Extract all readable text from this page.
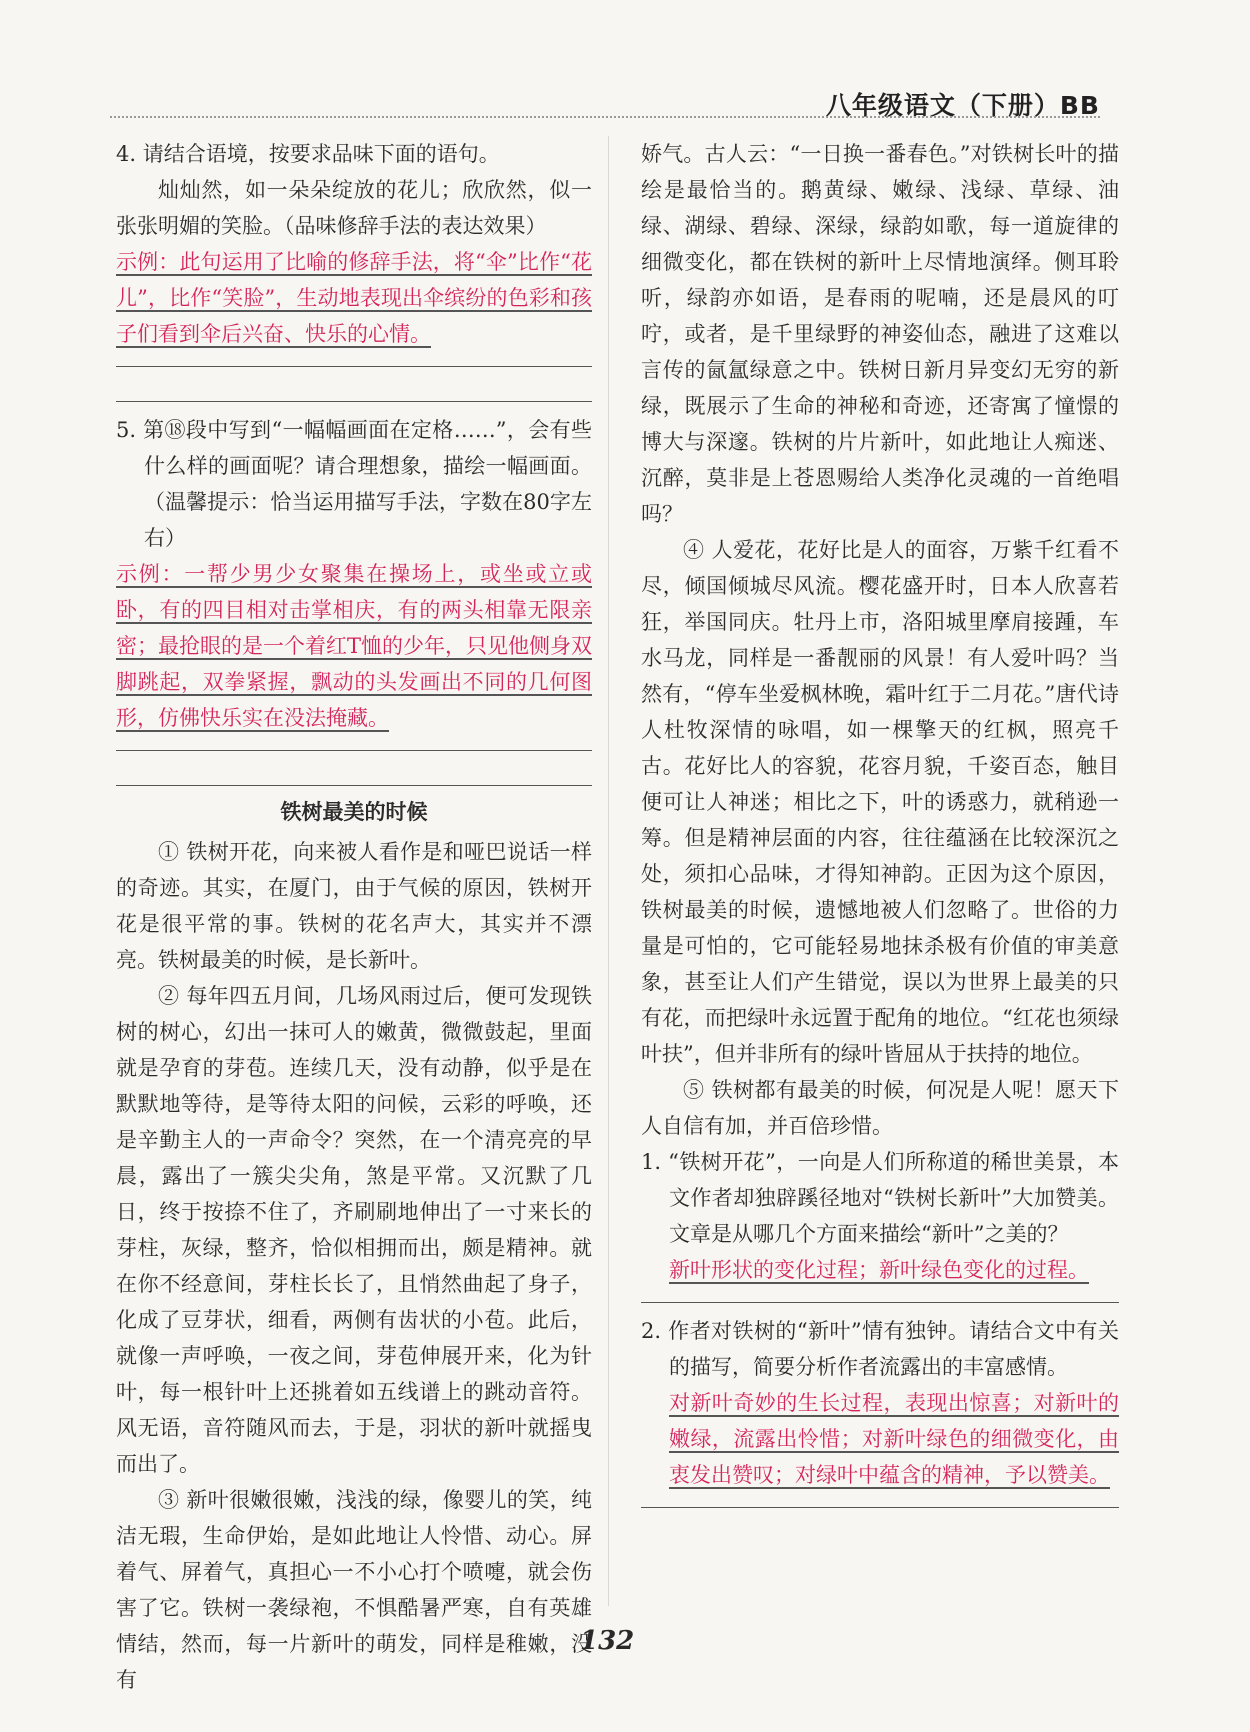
八年级语文（下册）BB

4. 请结合语境，按要求品味下面的语句。

灿灿然，如一朵朵绽放的花儿；欣欣然，似一张张明媚的笑脸。（品味修辞手法的表达效果）

示例：此句运用了比喻的修辞手法，将“伞”比作“花儿”，比作“笑脸”，生动地表现出伞缤纷的色彩和孩子们看到伞后兴奋、快乐的心情。

5. 第⑱段中写到“一幅幅画面在定格……”，会有些什么样的画面呢？请合理想象，描绘一幅画面。（温馨提示：恰当运用描写手法，字数在80字左右）

示例：一帮少男少女聚集在操场上，或坐或立或卧，有的四目相对击掌相庆，有的两头相靠无限亲密；最抢眼的是一个着红T恤的少年，只见他侧身双脚跳起，双拳紧握，飘动的头发画出不同的几何图形，仿佛快乐实在没法掩藏。

铁树最美的时候

① 铁树开花，向来被人看作是和哑巴说话一样的奇迹。其实，在厦门，由于气候的原因，铁树开花是很平常的事。铁树的花名声大，其实并不漂亮。铁树最美的时候，是长新叶。

② 每年四五月间，几场风雨过后，便可发现铁树的树心，幻出一抹可人的嫩黄，微微鼓起，里面就是孕育的芽苞。连续几天，没有动静，似乎是在默默地等待，是等待太阳的问候，云彩的呼唤，还是辛勤主人的一声命令？突然，在一个清亮亮的早晨，露出了一簇尖尖角，煞是平常。又沉默了几日，终于按捺不住了，齐刷刷地伸出了一寸来长的芽柱，灰绿，整齐，恰似相拥而出，颇是精神。就在你不经意间，芽柱长长了，且悄然曲起了身子，化成了豆芽状，细看，两侧有齿状的小苞。此后，就像一声呼唤，一夜之间，芽苞伸展开来，化为针叶，每一根针叶上还挑着如五线谱上的跳动音符。风无语，音符随风而去，于是，羽状的新叶就摇曳而出了。

③ 新叶很嫩很嫩，浅浅的绿，像婴儿的笑，纯洁无瑕，生命伊始，是如此地让人怜惜、动心。屏着气、屏着气，真担心一不小心打个喷嚏，就会伤害了它。铁树一袭绿袍，不惧酷暑严寒，自有英雄情结，然而，每一片新叶的萌发，同样是稚嫩，没有

娇气。古人云：“一日换一番春色。”对铁树长叶的描绘是最恰当的。鹅黄绿、嫩绿、浅绿、草绿、油绿、湖绿、碧绿、深绿，绿韵如歌，每一道旋律的细微变化，都在铁树的新叶上尽情地演绎。侧耳聆听，绿韵亦如语，是春雨的呢喃，还是晨风的叮咛，或者，是千里绿野的神姿仙态，融进了这难以言传的氤氲绿意之中。铁树日新月异变幻无穷的新绿，既展示了生命的神秘和奇迹，还寄寓了憧憬的博大与深邃。铁树的片片新叶，如此地让人痴迷、沉醉，莫非是上苍恩赐给人类净化灵魂的一首绝唱吗？

④ 人爱花，花好比是人的面容，万紫千红看不尽，倾国倾城尽风流。樱花盛开时，日本人欣喜若狂，举国同庆。牡丹上市，洛阳城里摩肩接踵，车水马龙，同样是一番靓丽的风景！有人爱叶吗？当然有，“停车坐爱枫林晚，霜叶红于二月花。”唐代诗人杜牧深情的咏唱，如一棵擎天的红枫，照亮千古。花好比人的容貌，花容月貌，千姿百态，触目便可让人神迷；相比之下，叶的诱惑力，就稍逊一筹。但是精神层面的内容，往往蕴涵在比较深沉之处，须扣心品味，才得知神韵。正因为这个原因，铁树最美的时候，遗憾地被人们忽略了。世俗的力量是可怕的，它可能轻易地抹杀极有价值的审美意象，甚至让人们产生错觉，误以为世界上最美的只有花，而把绿叶永远置于配角的地位。“红花也须绿叶扶”，但并非所有的绿叶皆屈从于扶持的地位。

⑤ 铁树都有最美的时候，何况是人呢！愿天下人自信有加，并百倍珍惜。

1. “铁树开花”，一向是人们所称道的稀世美景，本文作者却独辟蹊径地对“铁树长新叶”大加赞美。文章是从哪几个方面来描绘“新叶”之美的？

新叶形状的变化过程；新叶绿色变化的过程。

2. 作者对铁树的“新叶”情有独钟。请结合文中有关的描写，简要分析作者流露出的丰富感情。

对新叶奇妙的生长过程，表现出惊喜；对新叶的嫩绿，流露出怜惜；对新叶绿色的细微变化，由衷发出赞叹；对绿叶中蕴含的精神，予以赞美。

132
